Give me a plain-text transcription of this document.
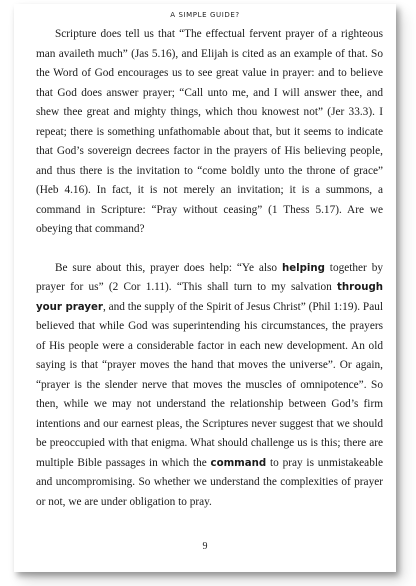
A SIMPLE GUIDE?

Scripture does tell us that “The effectual fervent prayer of a righteous man availeth much” (Jas 5.16), and Elijah is cited as an example of that. So the Word of God encourages us to see great value in prayer: and to believe that God does answer prayer; “Call unto me, and I will answer thee, and shew thee great and mighty things, which thou knowest not” (Jer 33.3). I repeat; there is something unfathomable about that, but it seems to indicate that God’s sovereign decrees factor in the prayers of His believing people, and thus there is the invitation to “come boldly unto the throne of grace” (Heb 4.16). In fact, it is not merely an invitation; it is a summons, a command in Scripture: “Pray without ceasing” (1 Thess 5.17). Are we obeying that command?

Be sure about this, prayer does help: “Ye also helping together by prayer for us” (2 Cor 1.11). “This shall turn to my salvation through your prayer, and the supply of the Spirit of Jesus Christ” (Phil 1:19). Paul believed that while God was superintending his circumstances, the prayers of His people were a considerable factor in each new development. An old saying is that “prayer moves the hand that moves the universe”. Or again, “prayer is the slender nerve that moves the muscles of omnipotence”. So then, while we may not understand the relationship between God’s firm intentions and our earnest pleas, the Scriptures never suggest that we should be preoccupied with that enigma. What should challenge us is this; there are multiple Bible passages in which the command to pray is unmistakeable and uncompromising. So whether we understand the complexities of prayer or not, we are under obligation to pray.

9
